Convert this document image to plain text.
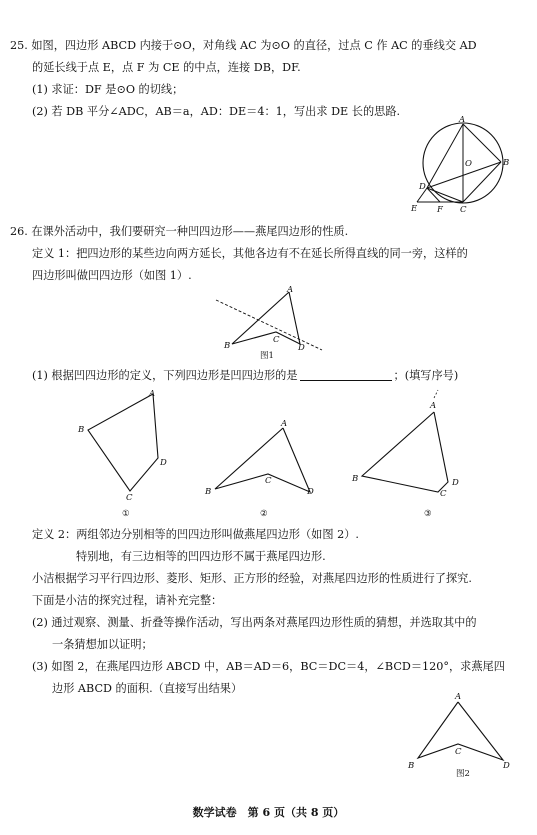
25. 如图，四边形 ABCD 内接于⊙O，对角线 AC 为⊙O 的直径，过点 C 作 AC 的垂线交 AD
的延长线于点 E，点 F 为 CE 的中点，连接 DB，DF.
(1) 求证：DF 是⊙O 的切线；
(2) 若 DB 平分∠ADC，AB＝a，AD：DE＝4：1，写出求 DE 长的思路.
A
O	B
D
E F C
26. 在课外活动中，我们要研究一种凹四边形——燕尾四边形的性质.
定义 1：把四边形的某些边向两方延长，其他各边有不在延长所得直线的同一旁，这样的
四边形叫做凹四边形（如图 1）.
A
B
C
D
图1
(1) 根据凹四边形的定义，下列四边形是凹四边形的是	；(填写序号)
A
B
C
D
①
A
B
C
D
②
A
B
C
D
③
定义 2：两组邻边分别相等的凹四边形叫做燕尾四边形（如图 2）.
特别地，有三边相等的凹四边形不属于燕尾四边形.
小洁根据学习平行四边形、菱形、矩形、正方形的经验，对燕尾四边形的性质进行了探究.
下面是小洁的探究过程，请补充完整：
(2) 通过观察、测量、折叠等操作活动，写出两条对燕尾四边形性质的猜想，并选取其中的
一条猜想加以证明；
(3) 如图 2，在燕尾四边形 ABCD 中，AB＝AD＝6，BC＝DC＝4，∠BCD＝120°，求燕尾四
边形 ABCD 的面积.（直接写出结果）
A
B
C
D
图2
数学试卷　第 6 页（共 8 页）
